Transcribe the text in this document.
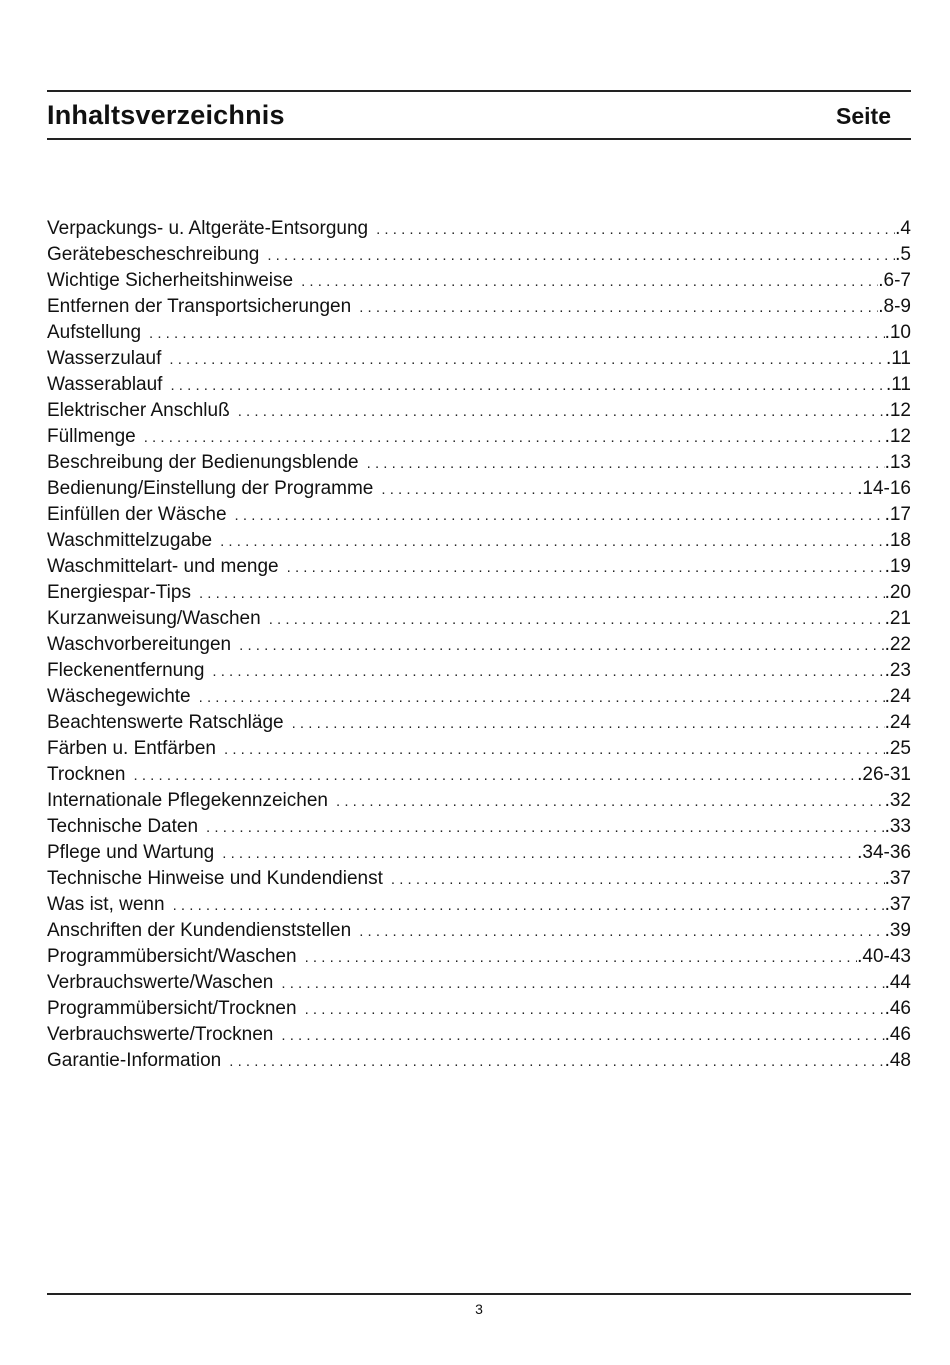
Inhaltsverzeichnis	Seite
Verpackungs- u. Altgeräte-Entsorgung . . .	.4
Gerätebescheschreibung . . .	.5
Wichtige Sicherheitshinweise . . .	.6-7
Entfernen der Transportsicherungen . . .	.8-9
Aufstellung . . .	.10
Wasserzulauf . . .	.11
Wasserablauf . . .	.11
Elektrischer Anschluß . . .	.12
Füllmenge . . .	.12
Beschreibung der Bedienungsblende . . .	.13
Bedienung/Einstellung der Programme . . .	.14-16
Einfüllen der Wäsche . . .	.17
Waschmittelzugabe . . .	.18
Waschmittelart- und menge . . .	.19
Energiespar-Tips . . .	.20
Kurzanweisung/Waschen . . .	.21
Waschvorbereitungen . . .	.22
Fleckenentfernung . . .	.23
Wäschegewichte . . .	.24
Beachtenswerte Ratschläge . . .	.24
Färben u. Entfärben . . .	.25
Trocknen . . .	.26-31
Internationale Pflegekennzeichen . . .	.32
Technische Daten . . .	.33
Pflege und Wartung . . .	.34-36
Technische Hinweise und Kundendienst . . .	.37
Was ist, wenn . . .	.37
Anschriften der Kundendienststellen . . .	.39
Programmübersicht/Waschen . . .	.40-43
Verbrauchswerte/Waschen . . .	.44
Programmübersicht/Trocknen . . .	.46
Verbrauchswerte/Trocknen . . .	.46
Garantie-Information . . .	.48
3
